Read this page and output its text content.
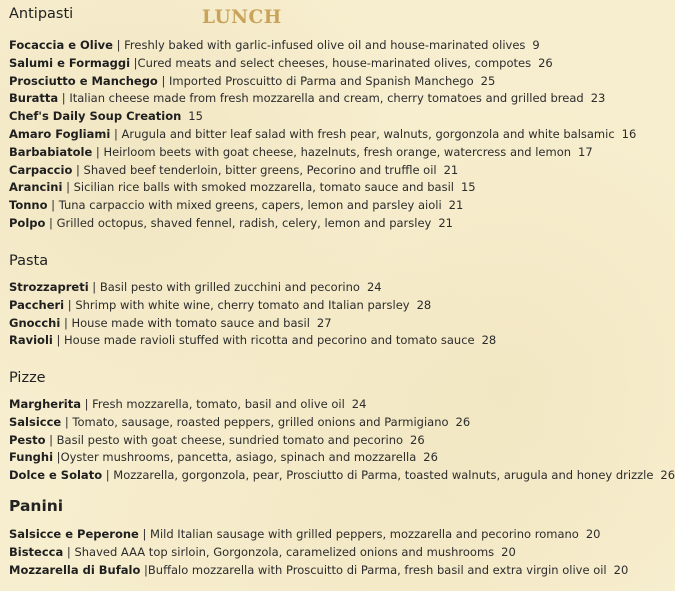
LUNCH
Antipasti
Focaccia e Olive | Freshly baked with garlic-infused olive oil and house-marinated olives 9
Salumi e Formaggi |Cured meats and select cheeses, house-marinated olives, compotes 26
Prosciutto e Manchego | Imported Proscuitto di Parma and Spanish Manchego 25
Buratta | Italian cheese made from fresh mozzarella and cream, cherry tomatoes and grilled bread 23
Chef's Daily Soup Creation 15
Amaro Fogliami | Arugula and bitter leaf salad with fresh pear, walnuts, gorgonzola and white balsamic 16
Barbabiatole | Heirloom beets with goat cheese, hazelnuts, fresh orange, watercress and lemon 17
Carpaccio | Shaved beef tenderloin, bitter greens, Pecorino and truffle oil 21
Arancini | Sicilian rice balls with smoked mozzarella, tomato sauce and basil 15
Tonno | Tuna carpaccio with mixed greens, capers, lemon and parsley aioli 21
Polpo | Grilled octopus, shaved fennel, radish, celery, lemon and parsley 21
Pasta
Strozzapreti | Basil pesto with grilled zucchini and pecorino 24
Paccheri | Shrimp with white wine, cherry tomato and Italian parsley 28
Gnocchi | House made with tomato sauce and basil 27
Ravioli | House made ravioli stuffed with ricotta and pecorino and tomato sauce 28
Pizze
Margherita | Fresh mozzarella, tomato, basil and olive oil 24
Salsicce | Tomato, sausage, roasted peppers, grilled onions and Parmigiano 26
Pesto | Basil pesto with goat cheese, sundried tomato and pecorino 26
Funghi |Oyster mushrooms, pancetta, asiago, spinach and mozzarella 26
Dolce e Solato | Mozzarella, gorgonzola, pear, Prosciutto di Parma, toasted walnuts, arugula and honey drizzle 26
Panini
Salsicce e Peperone | Mild Italian sausage with grilled peppers, mozzarella and pecorino romano 20
Bistecca | Shaved AAA top sirloin, Gorgonzola, caramelized onions and mushrooms 20
Mozzarella di Bufalo |Buffalo mozzarella with Proscuitto di Parma, fresh basil and extra virgin olive oil 20
